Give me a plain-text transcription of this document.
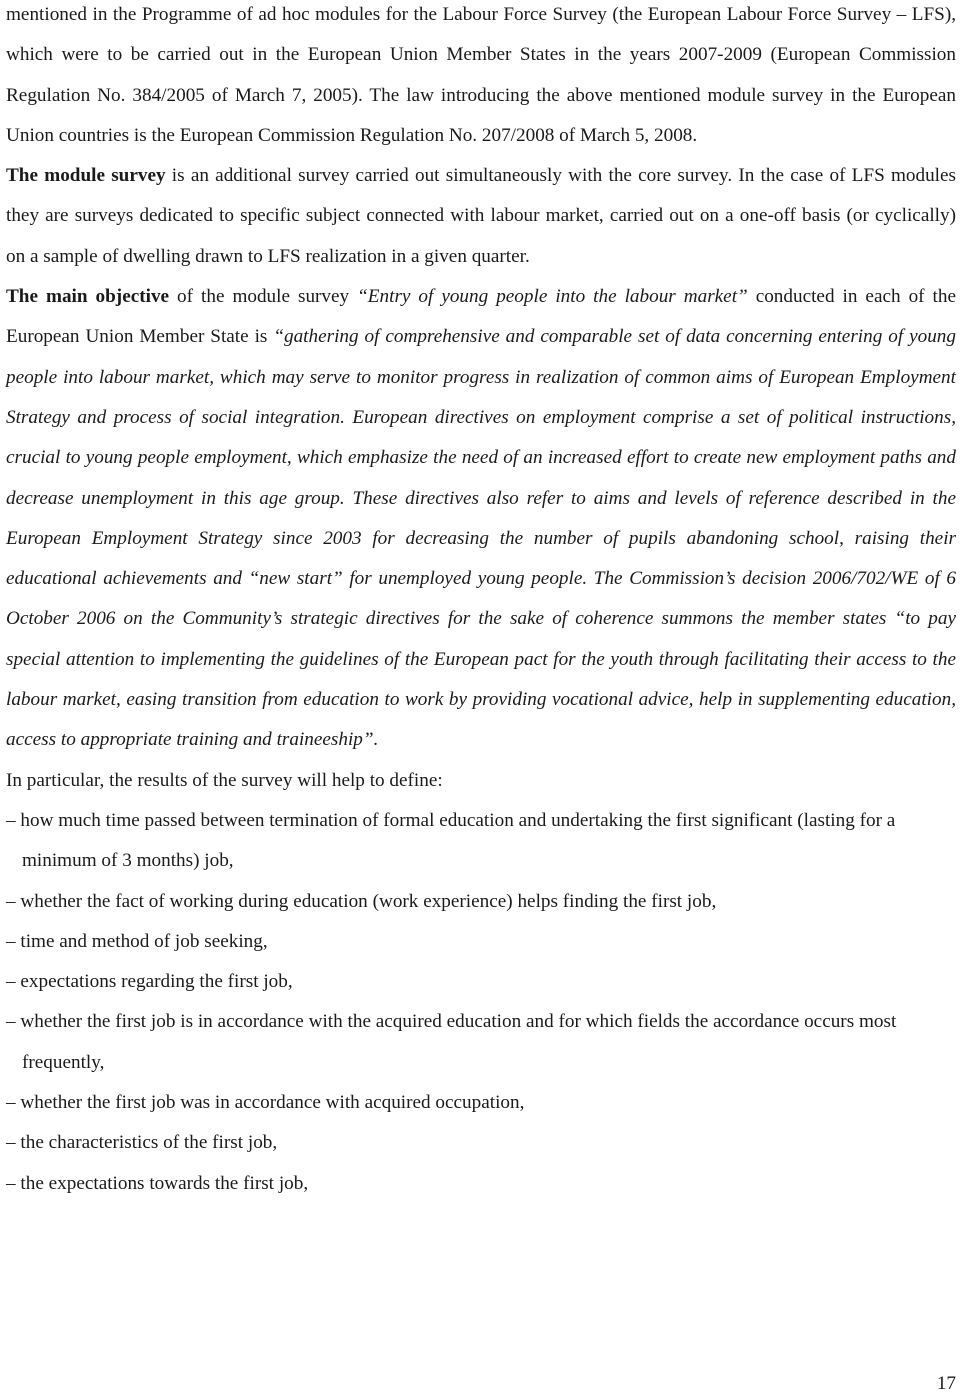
mentioned in the Programme of ad hoc modules for the Labour Force Survey (the European Labour Force Survey – LFS), which were to be carried out in the European Union Member States in the years 2007-2009 (European Commission Regulation No. 384/2005 of March 7, 2005). The law introducing the above mentioned module survey in the European Union countries is the European Commission Regulation No. 207/2008 of March 5, 2008.

The module survey is an additional survey carried out simultaneously with the core survey. In the case of LFS modules they are surveys dedicated to specific subject connected with labour market, carried out on a one-off basis (or cyclically) on a sample of dwelling drawn to LFS realization in a given quarter.

The main objective of the module survey “Entry of young people into the labour market” conducted in each of the European Union Member State is “gathering of comprehensive and comparable set of data concerning entering of young people into labour market, which may serve to monitor progress in realization of common aims of European Employment Strategy and process of social integration. European directives on employment comprise a set of political instructions, crucial to young people employment, which emphasize the need of an increased effort to create new employment paths and decrease unemployment in this age group. These directives also refer to aims and levels of reference described in the European Employment Strategy since 2003 for decreasing the number of pupils abandoning school, raising their educational achievements and “new start” for unemployed young people. The Commission’s decision 2006/702/WE of 6 October 2006 on the Community’s strategic directives for the sake of coherence summons the member states “to pay special attention to implementing the guidelines of the European pact for the youth through facilitating their access to the labour market, easing transition from education to work by providing vocational advice, help in supplementing education, access to appropriate training and traineeship”.

In particular, the results of the survey will help to define:

– how much time passed between termination of formal education and undertaking the first significant (lasting for a minimum of 3 months) job,
– whether the fact of working during education (work experience) helps finding the first job,
– time and method of job seeking,
– expectations regarding the first job,
– whether the first job is in accordance with the acquired education and for which fields the accordance occurs most frequently,
– whether the first job was in accordance with acquired occupation,
– the characteristics of the first job,
– the expectations towards the first job,
17
